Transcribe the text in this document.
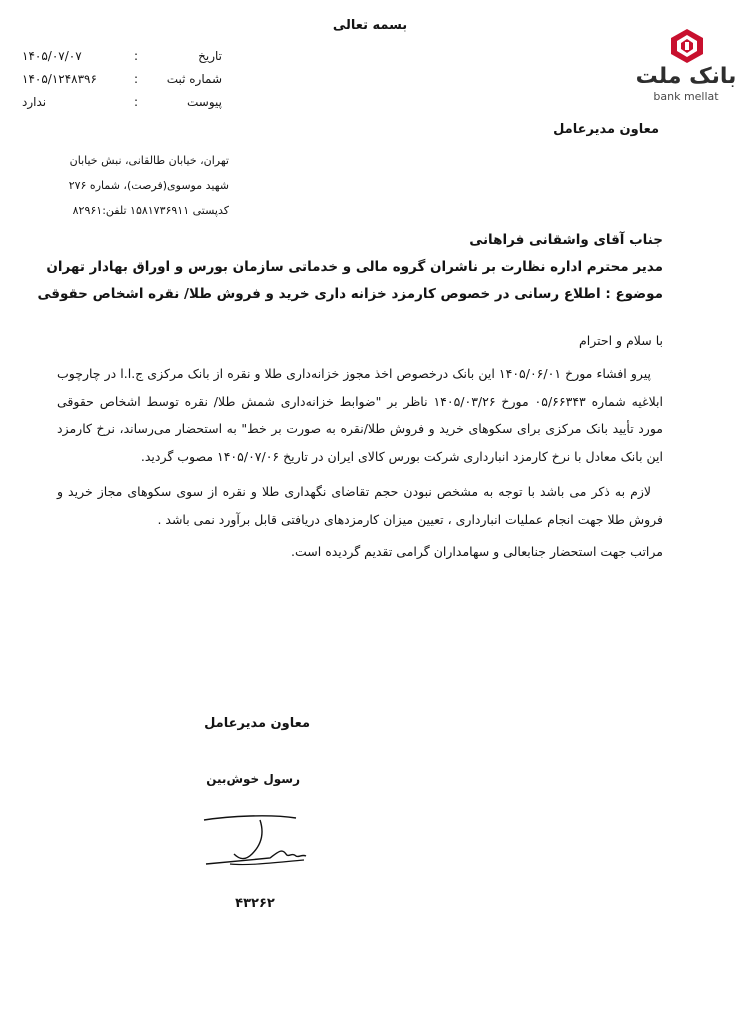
بسمه تعالی
تاریخ
:
۱۴۰۵/۰۷/۰۷
شماره ثبت
:
۱۴۰۵/۱۲۴۸۳۹۶
پیوست
:
ندارد
بانک ملت
bank mellat
معاون مدیرعامل
تهران، خیابان طالقانی، نبش خیابان
شهید موسوی(فرصت)، شماره ۲۷۶
کدپستی ۱۵۸۱۷۳۶۹۱۱ تلفن:۸۲۹۶۱
جناب آقای واشقانی فراهانی
مدیر محترم اداره نظارت بر ناشران گروه مالی و خدماتی سازمان بورس و اوراق بهادار تهران
موضوع : اطلاع رسانی در خصوص کارمزد خزانه داری خرید و فروش طلا/ نقره اشخاص حقوقی
با سلام و احترام

پیرو افشاء مورخ ۱۴۰۵/۰۶/۰۱ این بانک درخصوص اخذ مجوز خزانه‌داری طلا و نقره از بانک مرکزی ج.ا.ا در چارچوب ابلاغیه شماره ۰۵/۶۶۳۴۳ مورخ ۱۴۰۵/۰۳/۲۶ ناظر بر "ضوابط خزانه‌داری شمش طلا/ نقره توسط اشخاص حقوقی مورد تأیید بانک مرکزی برای سکوهای خرید و فروش طلا/نقره به صورت بر خط" به استحضار می‌رساند، نرخ کارمزد این بانک معادل با نرخ کارمزد انبارداری شرکت بورس کالای ایران در تاریخ ۱۴۰۵/۰۷/۰۶ مصوب گردید.

لازم به ذکر می باشد با توجه به مشخص نبودن حجم تقاضای نگهداری طلا و نقره از سوی سکوهای مجاز خرید و فروش طلا جهت انجام عملیات انبارداری ، تعیین میزان کارمزدهای دریافتی قابل برآورد نمی باشد .

مراتب جهت استحضار جنابعالی و سهامداران گرامی تقدیم گردیده است.
معاون مدیرعامل
رسول خوش‌بین
۴۳۲۶۲
